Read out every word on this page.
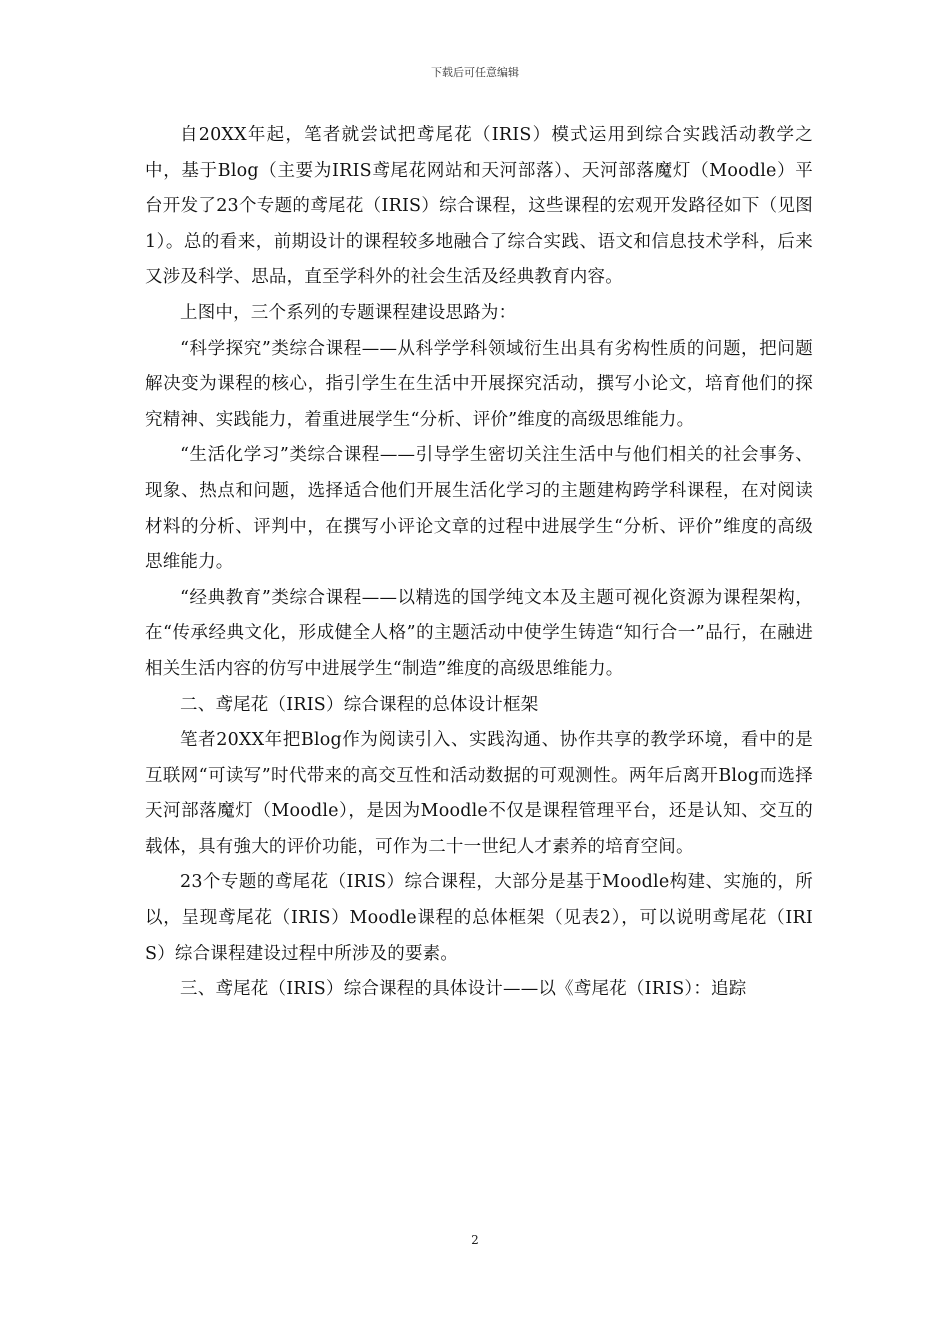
下载后可任意编辑

自20XX年起，笔者就尝试把鸢尾花（IRIS）模式运用到综合实践活动教学之中，基于Blog（主要为IRIS鸢尾花网站和天河部落）、天河部落魔灯（Moodle）平台开发了23个专题的鸢尾花（IRIS）综合课程，这些课程的宏观开发路径如下（见图1）。总的看来，前期设计的课程较多地融合了综合实践、语文和信息技术学科，后来又涉及科学、思品，直至学科外的社会生活及经典教育内容。

上图中，三个系列的专题课程建设思路为：

“科学探究”类综合课程——从科学学科领域衍生出具有劣构性质的问题，把问题解决变为课程的核心，指引学生在生活中开展探究活动，撰写小论文，培育他们的探究精神、实践能力，着重进展学生“分析、评价”维度的高级思维能力。

“生活化学习”类综合课程——引导学生密切关注生活中与他们相关的社会事务、现象、热点和问题，选择适合他们开展生活化学习的主题建构跨学科课程，在对阅读材料的分析、评判中，在撰写小评论文章的过程中进展学生“分析、评价”维度的高级思维能力。

“经典教育”类综合课程——以精选的国学纯文本及主题可视化资源为课程架构，在“传承经典文化，形成健全人格”的主题活动中使学生铸造“知行合一”品行，在融进相关生活内容的仿写中进展学生“制造”维度的高级思维能力。

二、鸢尾花（IRIS）综合课程的总体设计框架

笔者20XX年把Blog作为阅读引入、实践沟通、协作共享的教学环境，看中的是互联网“可读写”时代带来的高交互性和活动数据的可观测性。两年后离开Blog而选择天河部落魔灯（Moodle），是因为Moodle不仅是课程管理平台，还是认知、交互的载体，具有強大的评价功能，可作为二十一世纪人才素养的培育空间。

23个专题的鸢尾花（IRIS）综合课程，大部分是基于Moodle构建、实施的，所以，呈现鸢尾花（IRIS）Moodle课程的总体框架（见表2），可以说明鸢尾花（IRIS）综合课程建设过程中所涉及的要素。

三、鸢尾花（IRIS）综合课程的具体设计——以《鸢尾花（IRIS）：追踪

2
